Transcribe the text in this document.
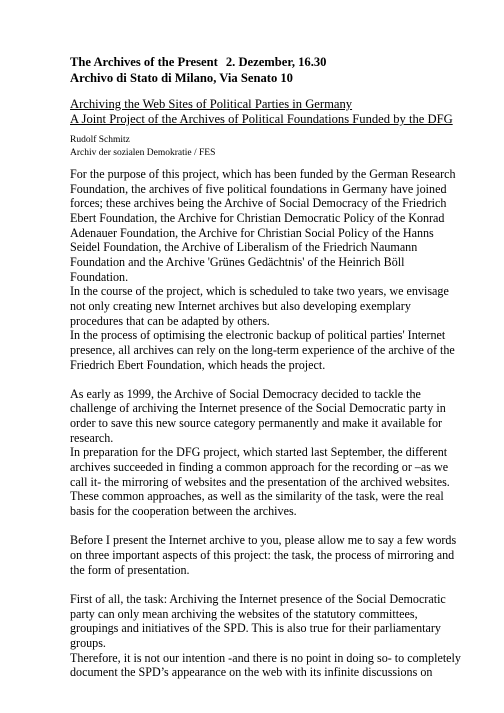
The Archives of the Present 2. Dezember, 16.30

Archivo di Stato di Milano, Via Senato 10

Archiving the Web Sites of Political Parties in Germany

A Joint Project of the Archives of Political Foundations Funded by the DFG

Rudolf Schmitz

Archiv der sozialen Demokratie / FES

For the purpose of this project, which has been funded by the German Research

Foundation, the archives of five political foundations in Germany have joined

forces; these archives being the Archive of Social Democracy of the Friedrich

Ebert Foundation, the Archive for Christian Democratic Policy of the Konrad

Adenauer Foundation, the Archive for Christian Social Policy of the Hanns

Seidel Foundation, the Archive of Liberalism of the Friedrich Naumann

Foundation and the Archive 'Grünes Gedächtnis' of the Heinrich Böll

Foundation.

In the course of the project, which is scheduled to take two years, we envisage

not only creating new Internet archives but also developing exemplary

procedures that can be adapted by others.

In the process of optimising the electronic backup of political parties' Internet

presence, all archives can rely on the long-term experience of the archive of the

Friedrich Ebert Foundation, which heads the project.

As early as 1999, the Archive of Social Democracy decided to tackle the

challenge of archiving the Internet presence of the Social Democratic party in

order to save this new source category permanently and make it available for

research.

In preparation for the DFG project, which started last September, the different

archives succeeded in finding a common approach for the recording or –as we

call it- the mirroring of websites and the presentation of the archived websites.

These common approaches, as well as the similarity of the task, were the real

basis for the cooperation between the archives.

Before I present the Internet archive to you, please allow me to say a few words

on three important aspects of this project: the task, the process of mirroring and

the form of presentation.

First of all, the task: Archiving the Internet presence of the Social Democratic

party can only mean archiving the websites of the statutory committees,

groupings and initiatives of the SPD. This is also true for their parliamentary

groups.

Therefore, it is not our intention -and there is no point in doing so- to completely

document the SPD’s appearance on the web with its infinite discussions on
